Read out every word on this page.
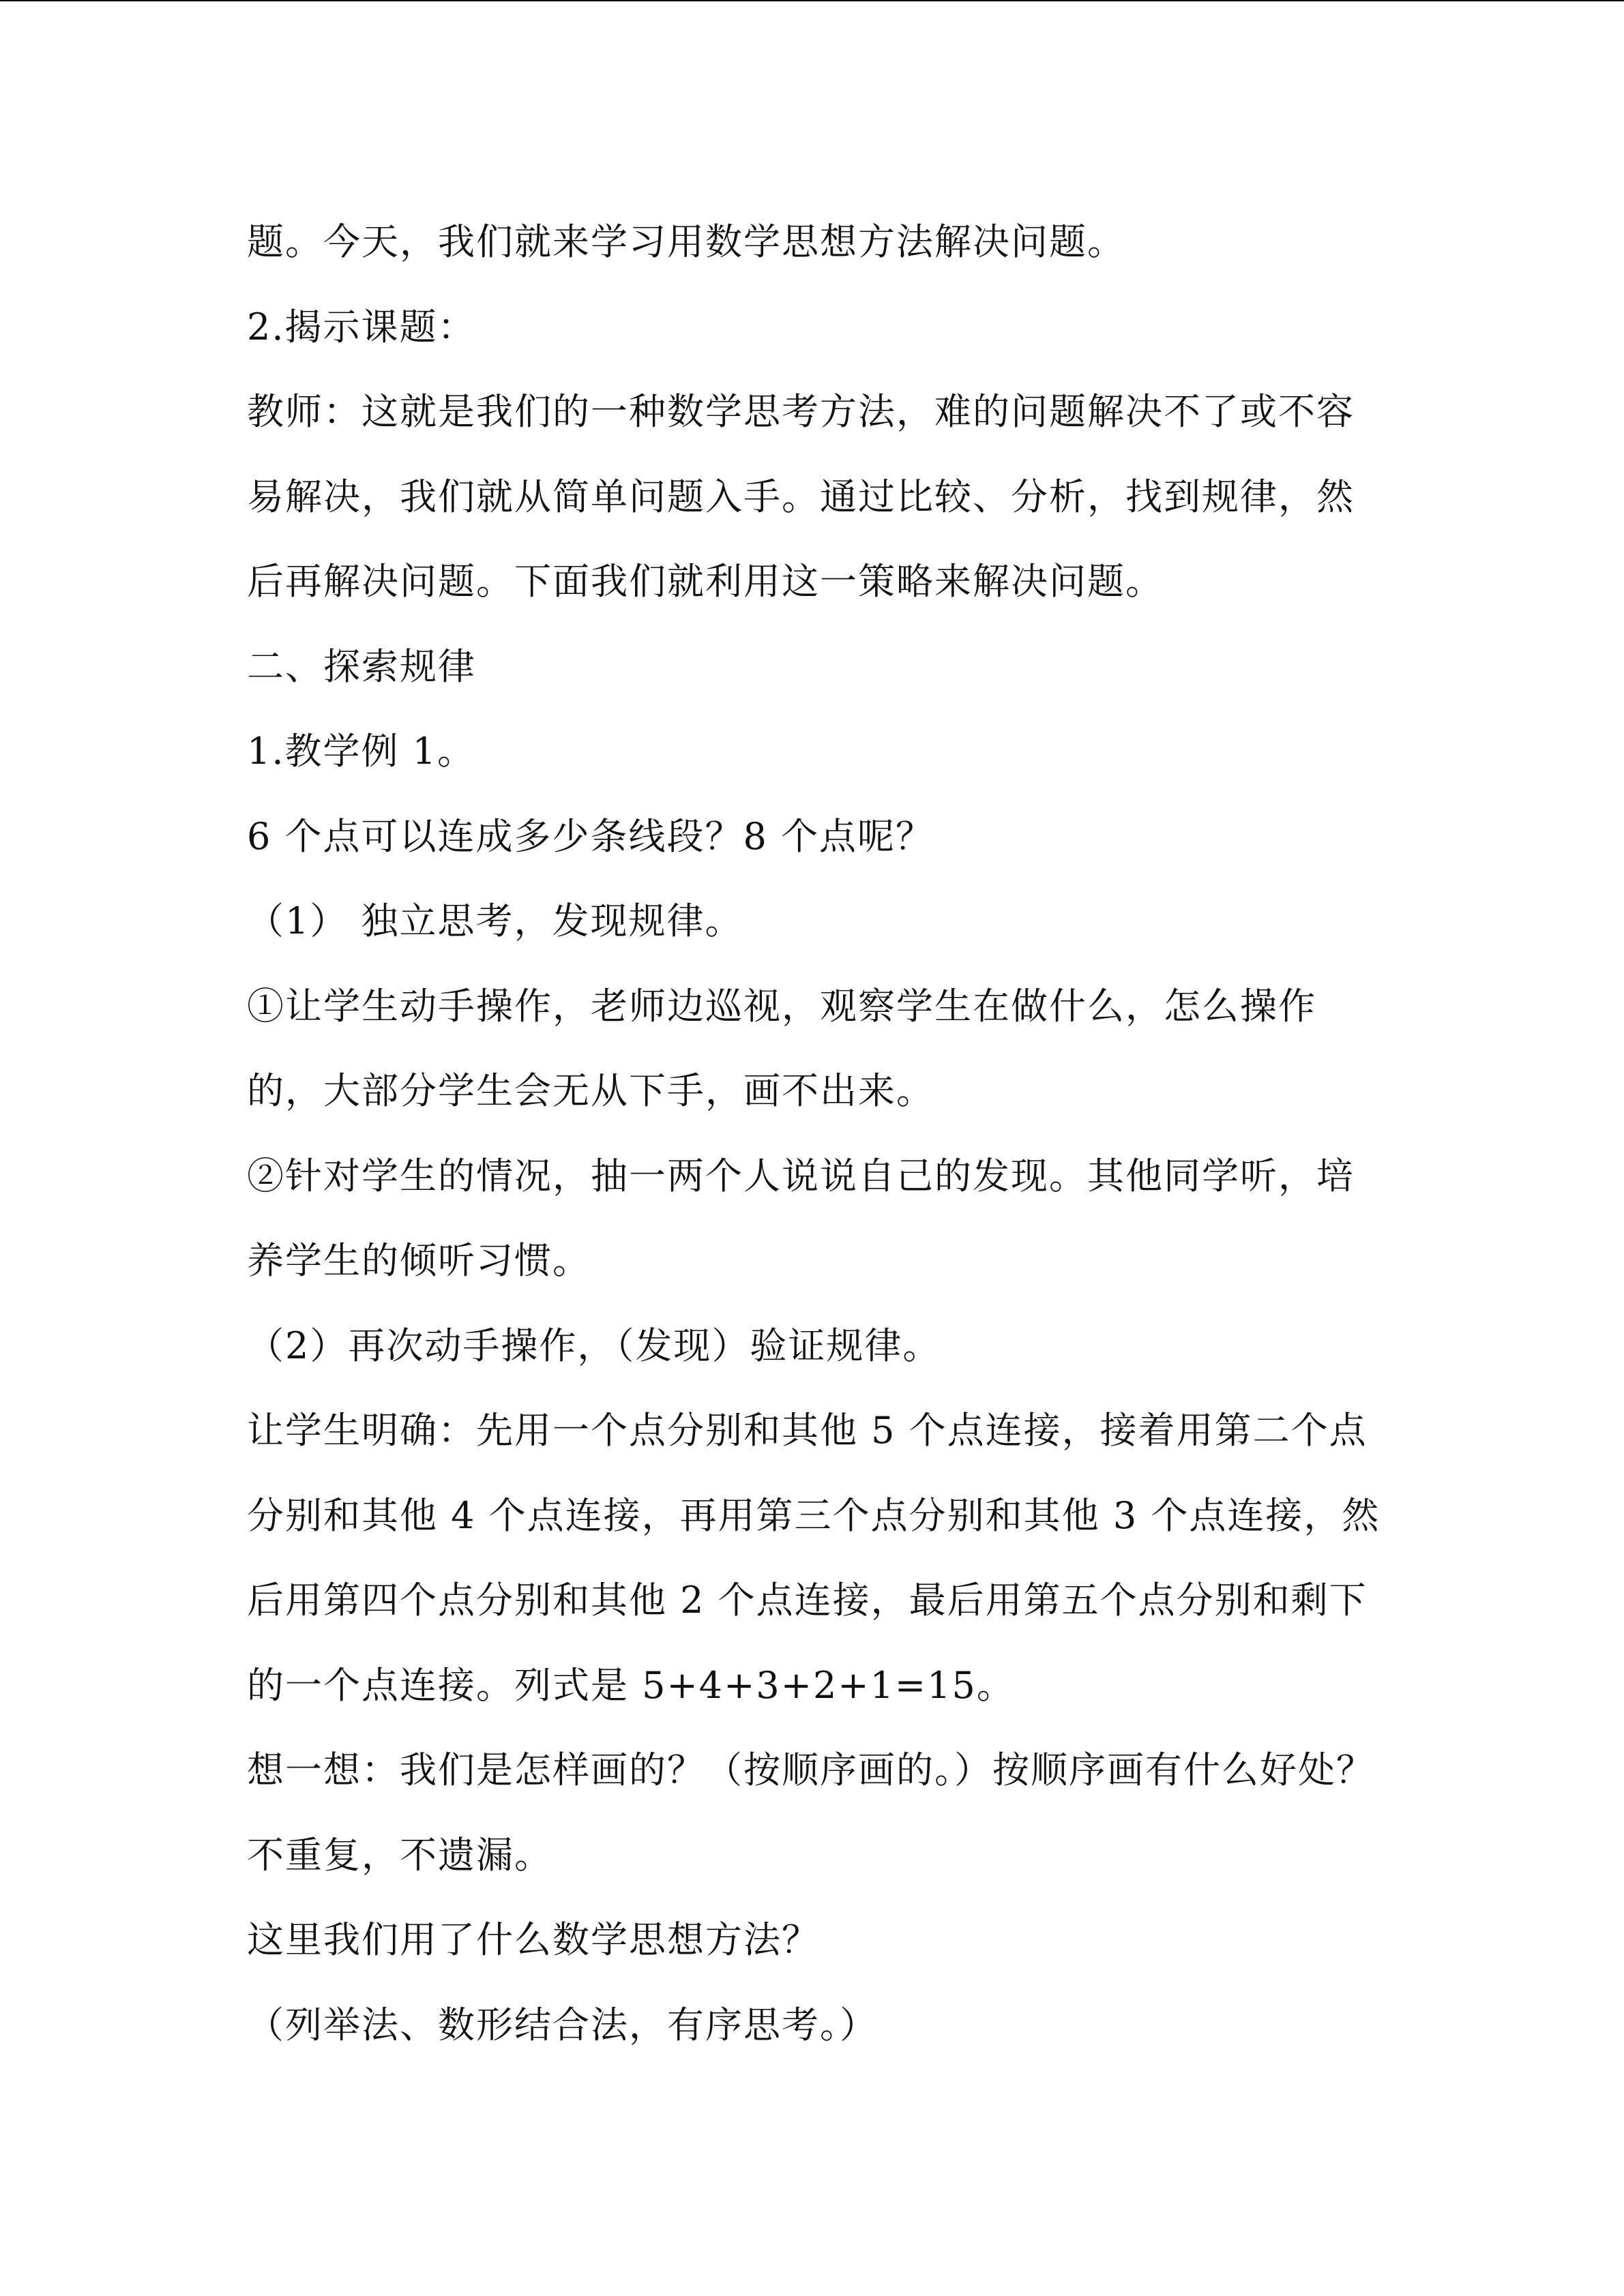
题。今天，我们就来学习用数学思想方法解决问题。
2.揭示课题：
教师：这就是我们的一种数学思考方法，难的问题解决不了或不容
易解决，我们就从简单问题入手。通过比较、分析，找到规律，然
后再解决问题。下面我们就利用这一策略来解决问题。
二、探索规律
1.教学例 1。
6 个点可以连成多少条线段？8 个点呢？
（1） 独立思考，发现规律。
①让学生动手操作，老师边巡视，观察学生在做什么，怎么操作
的，大部分学生会无从下手，画不出来。
②针对学生的情况，抽一两个人说说自己的发现。其他同学听，培
养学生的倾听习惯。
（2）再次动手操作，（发现）验证规律。
让学生明确：先用一个点分别和其他 5 个点连接，接着用第二个点
分别和其他 4 个点连接，再用第三个点分别和其他 3 个点连接，然
后用第四个点分别和其他 2 个点连接，最后用第五个点分别和剩下
的一个点连接。列式是 5+4+3+2+1=15。
想一想：我们是怎样画的？（按顺序画的。）按顺序画有什么好处？
不重复，不遗漏。
这里我们用了什么数学思想方法？
（列举法、数形结合法，有序思考。）
